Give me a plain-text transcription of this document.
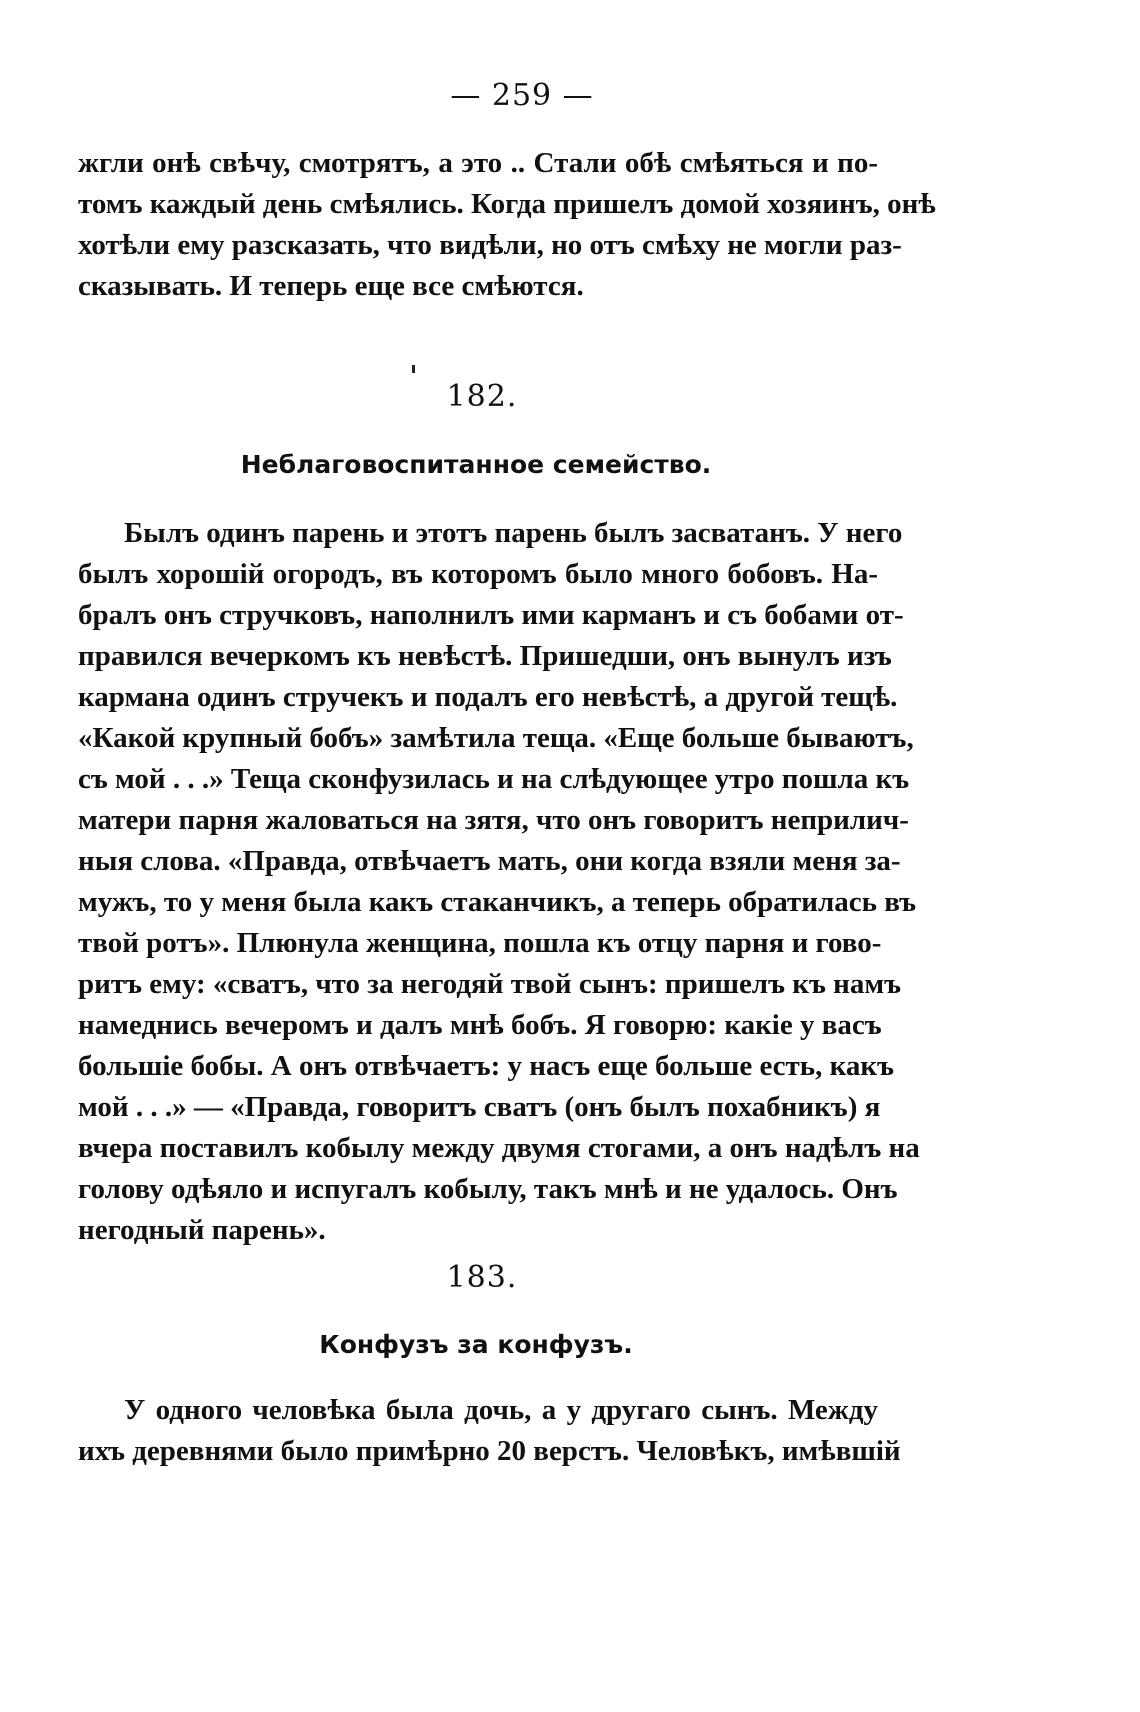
— 259 —
жгли онѣ свѣчу, смотрятъ, а это .. Стали обѣ смѣяться и по-
томъ каждый день смѣялись. Когда пришелъ домой хозяинъ, онѣ
хотѣли ему разсказать, что видѣли, но отъ смѣху не могли раз-
сказывать. И теперь еще все смѣются.
182.
Неблаговоспитанное семейство.
Былъ одинъ парень и этотъ парень былъ засватанъ. У него
былъ хорошій огородъ, въ которомъ было много бобовъ. На-
бралъ онъ стручковъ, наполнилъ ими карманъ и съ бобами от-
правился вечеркомъ къ невѣстѣ. Пришедши, онъ вынулъ изъ
кармана одинъ стручекъ и подалъ его невѣстѣ, а другой тещѣ.
«Какой крупный бобъ» замѣтила теща. «Еще больше бываютъ,
съ мой . . .» Теща сконфузилась и на слѣдующее утро пошла къ
матери парня жаловаться на зятя, что онъ говоритъ неприлич-
ныя слова. «Правда, отвѣчаетъ мать, они когда взяли меня за-
мужъ, то у меня была какъ стаканчикъ, а теперь обратилась въ
твой ротъ». Плюнула женщина, пошла къ отцу парня и гово-
ритъ ему: «сватъ, что за негодяй твой сынъ: пришелъ къ намъ
намеднись вечеромъ и далъ мнѣ бобъ. Я говорю: какіе у васъ
большіе бобы. А онъ отвѣчаетъ: у насъ еще больше есть, какъ
мой . . .» — «Правда, говоритъ сватъ (онъ былъ похабникъ) я
вчера поставилъ кобылу между двумя стогами, а онъ надѣлъ на
голову одѣяло и испугалъ кобылу, такъ мнѣ и не удалось. Онъ
негодный парень».
183.
Конфузъ за конфузъ.
У одного человѣка была дочь, а у другаго сынъ. Между
ихъ деревнями было примѣрно 20 верстъ. Человѣкъ, имѣвшій
